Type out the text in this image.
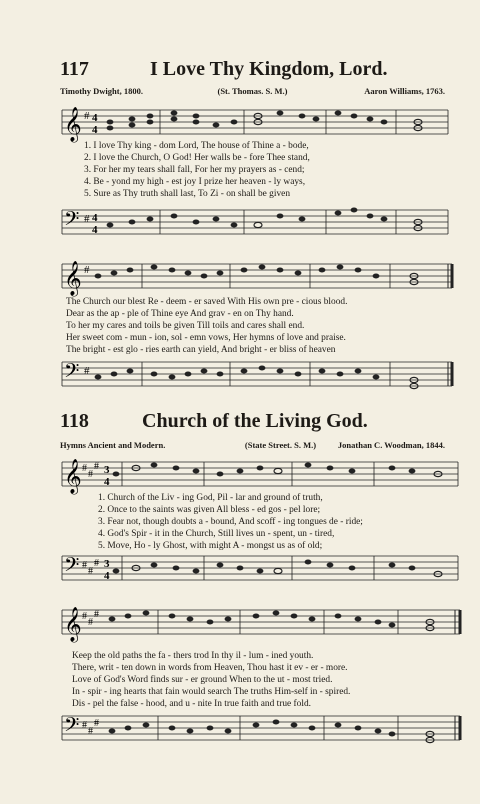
117	I Love Thy Kingdom, Lord.
Timothy Dwight, 1800.	(St. Thomas. S. M.)	Aaron Williams, 1763.
𝄞 # 4
4
1. I love Thy king - dom Lord, The house of Thine a - bode,
2. I love the Church, O God! Her walls be - fore Thee stand,
3. For her my tears shall fall, For her my prayers as - cend;
4. Be - yond my high - est joy I prize her heaven - ly ways,
5. Sure as Thy truth shall last, To Zi - on shall be given
𝄢 # 4
4
𝄞 #
The Church our blest Re - deem - er saved With His own pre - cious blood.
Dear as the ap - ple of Thine eye And grav - en on Thy hand.
To her my cares and toils be given Till toils and cares shall end.
Her sweet com - mun - ion, sol - emn vows, Her hymns of love and praise.
The bright - est glo - ries earth can yield, And bright - er bliss of heaven
𝄢 #
118	Church of the Living God.
Hymns Ancient and Modern.	(State Street. S. M.)	Jonathan C. Woodman, 1844.
𝄞 #
#
# 3
4
1. Church of the Liv - ing God, Pil - lar and ground of truth,
2. Once to the saints was given All bless - ed gos - pel lore;
3. Fear not, though doubts a - bound, And scoff - ing tongues de - ride;
4. God's Spir - it in the Church, Still lives un - spent, un - tired,
5. Move, Ho - ly Ghost, with might A - mongst us as of old;
𝄢 #
#
# 3
4
𝄞 #
#
#
Keep the old paths the fa - thers trod In thy il - lum - ined youth.
There, writ - ten down in words from Heaven, Thou hast it ev - er - more.
Love of God's Word finds sur - er ground When to the ut - most tried.
In - spir - ing hearts that fain would search The truths Him-self in - spired.
Dis - pel the false - hood, and u - nite In true faith and true fold.
𝄢 #
#
#
